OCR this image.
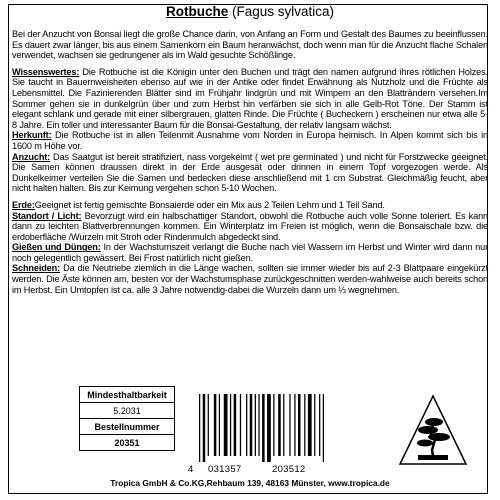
Rotbuche (Fagus sylvatica)

Bei der Anzucht von Bonsai liegt die große Chance darin, von Anfang an Form und Gestalt des Baumes zu beeinflussen. Es dauert zwar länger, bis aus einem Samenkorn ein Baum heranwächst, doch wenn man für die Anzucht flache Schalen verwendet, wachsen sie gedrungener als im Wald gesuchte Schößlinge.

Wissenswertes: Die Rotbuche ist die Königin unter den Buchen und trägt den namen aufgrund ihres rötlichen Holzes. Sie taucht in Bauernweisheiten ebenso auf wie in der Antike oder findet Erwähnung als Nutzholz und die Früchte als Lebensmittel. Die Fazinierenden Blätter sind im Frühjahr lindgrün und mit Wimpern an den Blatträndern versehen.Im Sommer gehen sie in dunkelgrün über und zum Herbst hin verfärben sie sich in alle Gelb-Rot Töne. Der Stamm ist elegant schlank und gerade mit einer silbergrauen, glatten Rinde. Die Früchte ( Bucheckern ) erscheinen nur etwa alle 5-8 Jahre. Ein toller und interessanter Baum für die Bonsai-Gestaltung, der relativ langsam wächst.

Herkunft: Die Rotbuche ist in allen Teilenmit Ausnahme vom Norden in Europa heimisch. In Alpen kommt sich bis in 1600 m Höhe vor.

Anzucht: Das Saatgut ist bereit stratifiziert, nass vorgekeimt ( wet pre germinated ) und nicht für Forstzwecke geeignet. Die Samen können draussen direkt in der Erde ausgesät oder drinnen in einem Topf vorgezogen werde. Als Dunkelkeimer verteilen Sie die Samen und bedecken diese anschließend mit 1 cm Substrat. Gleichmäßig feucht, aber nicht halten halten. Bis zur Keimung vergehen schon 5-10 Wochen.

Erde:Geeignet ist fertig gemischte Bonsaierde oder ein Mix aus 2 Teilen Lehm und 1 Teil Sand.

Standort / Licht: Bevorzugt wird ein halbschattiger Standort, obwohl die Rotbuche auch volle Sonne toleriert. Es kann dann zu leichten Blattverbrennungen kommen. Ein Winterplatz im Freien ist möglich, wenn die Bonsaischale bzw. die erdoberfläche /Wurzeln mit Stroh oder Rindenmulch abgedeckt sind.

Gießen und Düngen: In der Wachstumszeit verlangt die Buche nach viel Wassern im Herbst und Winter wird dann nur noch gelegentlich gewässert. Bei Frost natürlich nicht gießen.

Schneiden: Da die Neutriebe ziemlich in die Länge wachen, sollten sie immer wieder bis auf 2-3 Blattpaare eingekürzt werden. Die Äste können am, besten vor der Wachstumsphase zurückgeschnitten werden-wahlweise auch bereits schon im Herbst. Ein Umtopfen ist ca. alle 3 Jahre notwendig-dabei die Wurzeln dann um ⅓ wegnehmen.

Mindesthaltbarkeit
5.2031
Bestellnummer
20351
4 031357	203512
Tropica GmbH & Co.KG,Rehbaum 139, 48163 Münster, www.tropica.de
